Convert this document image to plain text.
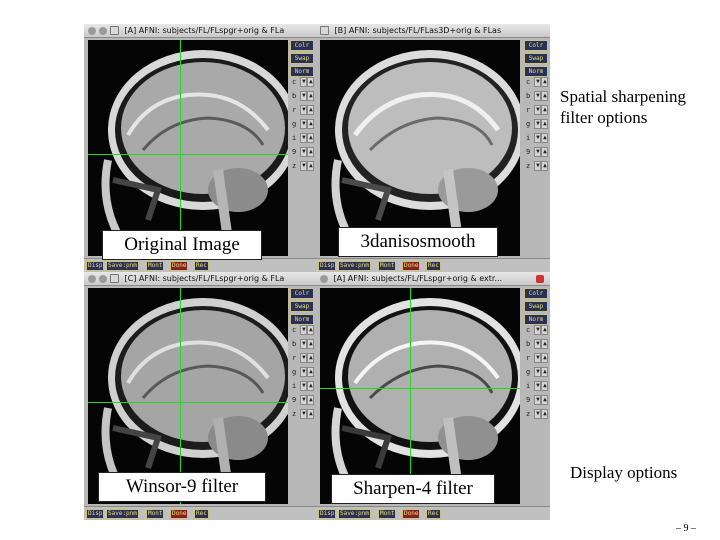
[A] AFNI: subjects/FL/FLspgr+orig & FLa
Colr
Swap
Norm
c ▼ ▲
b ▼ ▲
r ▼ ▲
g ▼ ▲
i ▼ ▲
9 ▼ ▲
z ▼ ▲
Disp Save:pnm	Mont	Done	Rec
[B] AFNI: subjects/FL/FLas3D+orig & FLas
Colr
Swap
Norm
c ▼ ▲
b ▼ ▲
r ▼ ▲
g ▼ ▲
i ▼ ▲
9 ▼ ▲
z ▼ ▲
Disp Save:pnm	Mont	Done	Rec
[C] AFNI: subjects/FL/FLspgr+orig & FLa
Colr
Swap
Norm
c ▼ ▲
b ▼ ▲
r ▼ ▲
g ▼ ▲
i ▼ ▲
9 ▼ ▲
z ▼ ▲
Disp Save:pnm	Mont	Done	Rec
[A] AFNI: subjects/FL/FLspgr+orig & extr...
Colr
Swap
Norm
c ▼ ▲
b ▼ ▲
r ▼ ▲
g ▼ ▲
i ▼ ▲
9 ▼ ▲
z ▼ ▲
Disp Save:pnm	Mont	Done	Rec
Original Image	3danisosmooth
Winsor-9 filter	Sharpen-4 filter
Spatial sharpening
filter options
Display options
– 9 –
